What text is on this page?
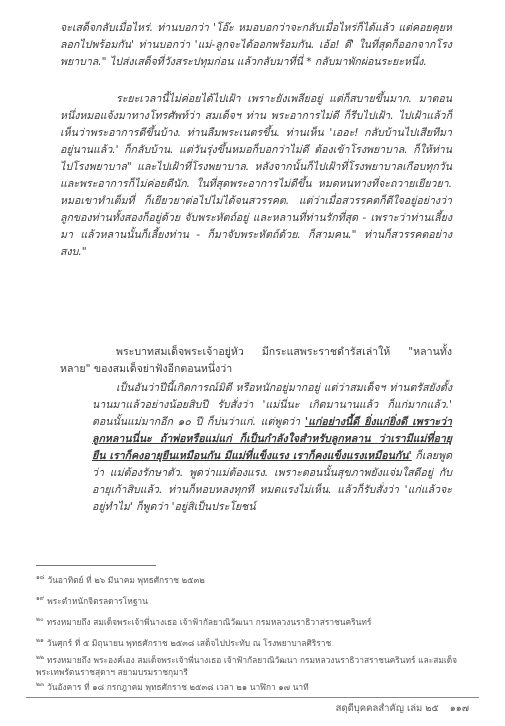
จะเสด็จกลับเมื่อไหร่. ท่านบอกว่า 'โอ๊ะ หมอบอกว่าจะกลับเมื่อไหร่ก็ได้แล้ว แต่คอยคุยหลอกไปพร้อมกัน' ท่านบอกว่า 'แม่-ลูกจะได้ออกพร้อมกัน. เอ้อ! ดี' ในที่สุดก็ออกจากโรงพยาบาล." ไปส่งเสด็จที่วังสระปทุมก่อน แล้วกลับมาที่นี่ * กลับมาพักผ่อนระยะหนึ่ง.

ระยะเวลานี้ไม่ค่อยได้ไปเฝ้า เพราะยังเพลียอยู่ แต่ก็สบายขึ้นมาก. มาตอนหนึ่งหมอแจ้งมาทางโทรศัพท์ว่า สมเด็จฯ ท่าน พระอาการไม่ดี ก็รีบไปเฝ้า. ไปเฝ้าแล้วก็เห็นว่าพระอาการดีขึ้นบ้าง. ท่านลืมพระเนตรขึ้น. ท่านเห็น 'เออะ! กลับบ้านไปเสียทีมาอยู่นานแล้ว.' ก็กลับบ้าน. แต่วันรุ่งขึ้นหมอก็บอกว่าไม่ดี ต้องเข้าโรงพยาบาล. ก็ให้ท่านไปโรงพยาบาล" และไปเฝ้าที่โรงพยาบาล. หลังจากนั้นก็ไปเฝ้าที่โรงพยาบาลเกือบทุกวัน และพระอาการก็ไม่ค่อยดีนัก. ในที่สุดพระอาการไม่ดีขึ้น หมดหนทางที่จะถวายเยียวยา. หมอเขาทำเต็มที่ ก็เยียวยาต่อไปไม่ได้จนสวรรคต. แต่ว่าเมื่อสวรรคตก็ดีใจอยู่อย่างว่า ลูกของท่านทั้งสองก็อยู่ด้วย จับพระหัตถ์อยู่ และหลานที่ท่านรักที่สุด - เพราะว่าท่านเลี้ยงมา แล้วหลานนั้นก็เลี้ยงท่าน - ก็มาจับพระหัตถ์ด้วย. ก็สามคน." ท่านก็สวรรคตอย่างสงบ."

พระบาทสมเด็จพระเจ้าอยู่หัว มีกระแสพระราชดำรัสเล่าให้ "หลานทั้งหลาย" ของสมเด็จย่าฟังอีกตอนหนึ่งว่า

เป็นอันว่าปีนี้เกิดการณ์มิดี หรือหนักอยู่มากอยู่ แต่ว่าสมเด็จฯ ท่านตรัสยังตั้งนานมาแล้วอย่างน้อยสิบปี รับสั่งว่า 'แม่นี่นะ เกิดมานานแล้ว ก็แก่มากแล้ว.' ตอนนั้นแม่มากอีก ๑๐ ปี ก็บ่นว่าแก่. แต่พูดว่า 'แก่อย่างนี้ดี ยิ่งแก่ยิ่งดี เพราะว่าลูกหลานนี่นะ ถ้าพ่อหรือแม่แก่ ก็เป็นกำลังใจสำหรับลูกหลาน ว่าเรามีแม่ที่อายุยืน เราก็คงอายุยืนเหมือนกัน มีแม่ที่แข็งแรง เราก็คงแข็งแรงเหมือนกัน' ก็เลยพูดว่า แม่ต้องรักษาตัว. พูดว่าแม่ต้องแรง. เพราะตอนนั้นสุขภาพยังแจ่มใสดีอยู่ กับอายุเก้าสิบแล้ว. ท่านก็หอบหลงทุกที หมดแรงไม่เห็น. แล้วก็รับสั่งว่า 'แก่แล้วจะอยู่ทำไม' ก็พูดว่า 'อยู่สิเป็นประโยชน์

$^{๑๘}$ วันอาทิตย์ ที่ ๒๖ มีนาคม พุทธศักราช ๒๕๓๒
$^{๑๙}$ พระตำหนักจิตรลดารโหฐาน
$^{๒๐}$ ทรงหมายถึง สมเด็จพระเจ้าพี่นางเธอ เจ้าฟ้ากัลยาณิวัฒนา กรมหลวงนราธิวาสราชนครินทร์
$^{๒๑}$ วันศุกร์ ที่ ๕ มิถุนายน พุทธศักราช ๒๕๓๘ เสด็จไปประทับ ณ โรงพยาบาลศิริราช
$^{๒๒}$ ทรงหมายถึง พระองค์เอง สมเด็จพระเจ้าพี่นางเธอ เจ้าฟ้ากัลยาณิวัฒนา กรมหลวงนราธิวาสราชนครินทร์ และสมเด็จพระเทพรัตนราชสุดาฯ สยามบรมราชกุมารี
$^{๒๓}$ วันอังคาร ที่ ๑๘ กรกฎาคม พุทธศักราช ๒๕๓๘ เวลา ๒๑ นาฬิกา ๑๗ นาที
สดุดีบุคคลสำคัญ เล่ม ๒๕ ๑๑๗
